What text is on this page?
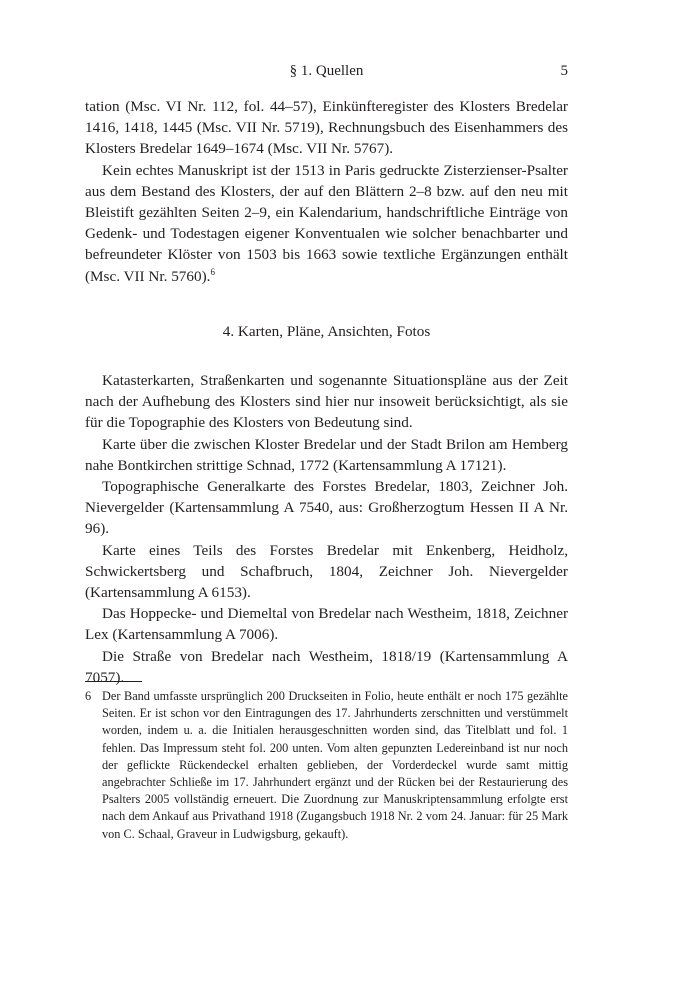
§ 1. Quellen	5

tation (Msc. VI Nr. 112, fol. 44–57), Einkünfteregister des Klosters Bredelar 1416, 1418, 1445 (Msc. VII Nr. 5719), Rechnungsbuch des Eisenhammers des Klosters Bredelar 1649–1674 (Msc. VII Nr. 5767).

Kein echtes Manuskript ist der 1513 in Paris gedruckte Zisterzienser-Psalter aus dem Bestand des Klosters, der auf den Blättern 2–8 bzw. auf den neu mit Bleistift gezählten Seiten 2–9, ein Kalendarium, handschriftliche Einträge von Gedenk- und Todestagen eigener Konventualen wie solcher benachbarter und befreundeter Klöster von 1503 bis 1663 sowie textliche Ergänzungen enthält (Msc. VII Nr. 5760).$^6$

4. Karten, Pläne, Ansichten, Fotos

Katasterkarten, Straßenkarten und sogenannte Situationspläne aus der Zeit nach der Aufhebung des Klosters sind hier nur insoweit berücksichtigt, als sie für die Topographie des Klosters von Bedeutung sind.

Karte über die zwischen Kloster Bredelar und der Stadt Brilon am Hemberg nahe Bontkirchen strittige Schnad, 1772 (Kartensammlung A 17121).

Topographische Generalkarte des Forstes Bredelar, 1803, Zeichner Joh. Nievergelder (Kartensammlung A 7540, aus: Großherzogtum Hessen II A Nr. 96).

Karte eines Teils des Forstes Bredelar mit Enkenberg, Heidholz, Schwickertsberg und Schafbruch, 1804, Zeichner Joh. Nievergelder (Kartensammlung A 6153).

Das Hoppecke- und Diemeltal von Bredelar nach Westheim, 1818, Zeichner Lex (Kartensammlung A 7006).

Die Straße von Bredelar nach Westheim, 1818/19 (Kartensammlung A 7057).

6 Der Band umfasste ursprünglich 200 Druckseiten in Folio, heute enthält er noch 175 gezählte Seiten. Er ist schon vor den Eintragungen des 17. Jahrhunderts zerschnitten und verstümmelt worden, indem u. a. die Initialen herausgeschnitten worden sind, das Titelblatt und fol. 1 fehlen. Das Impressum steht fol. 200 unten. Vom alten gepunzten Ledereinband ist nur noch der geflickte Rückendeckel erhalten geblieben, der Vorderdeckel wurde samt mittig angebrachter Schließe im 17. Jahrhundert ergänzt und der Rücken bei der Restaurierung des Psalters 2005 vollständig erneuert. Die Zuordnung zur Manuskriptensammlung erfolgte erst nach dem Ankauf aus Privathand 1918 (Zugangsbuch 1918 Nr. 2 vom 24. Januar: für 25 Mark von C. Schaal, Graveur in Ludwigsburg, gekauft).
